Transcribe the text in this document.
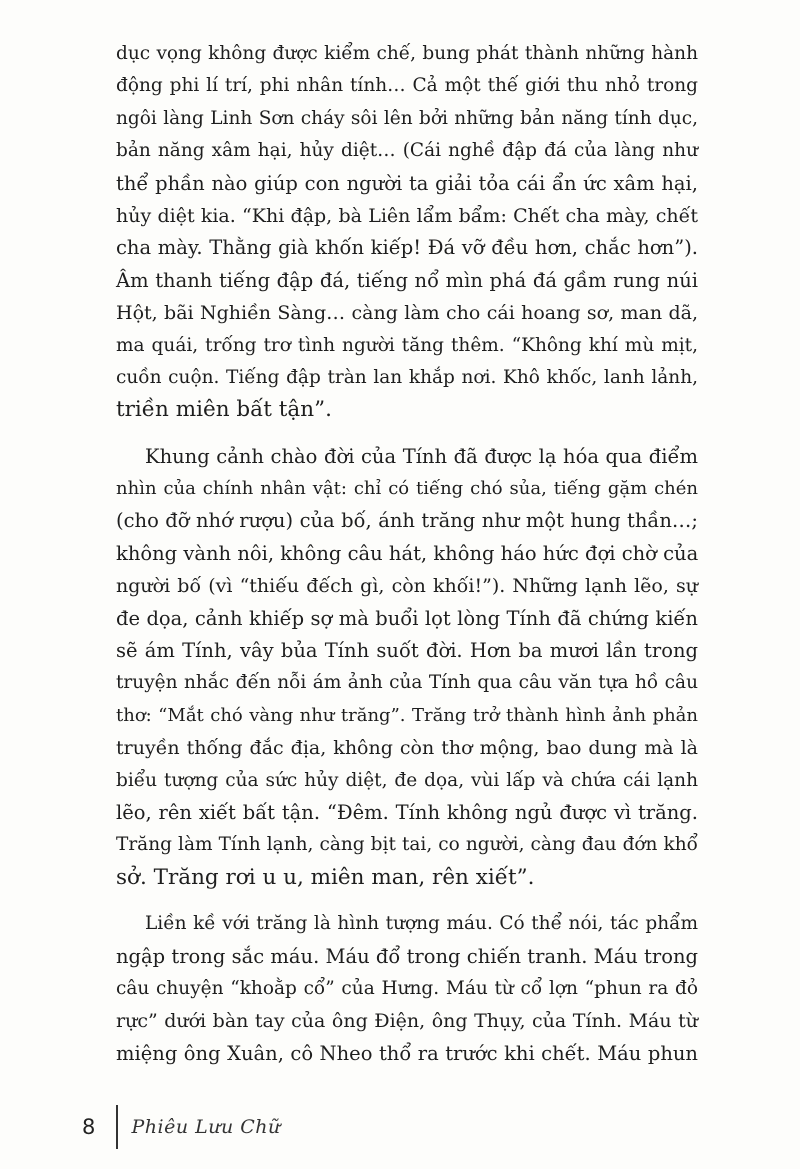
dục vọng không được kiểm chế, bung phát thành những hành
động phi lí trí, phi nhân tính… Cả một thế giới thu nhỏ trong
ngôi làng Linh Sơn cháy sôi lên bởi những bản năng tính dục,
bản năng xâm hại, hủy diệt… (Cái nghề đập đá của làng như
thể phần nào giúp con người ta giải tỏa cái ẩn ức xâm hại,
hủy diệt kia. “Khi đập, bà Liên lẩm bẩm: Chết cha mày, chết
cha mày. Thằng già khốn kiếp! Đá vỡ đều hơn, chắc hơn”).
Âm thanh tiếng đập đá, tiếng nổ mìn phá đá gầm rung núi
Hột, bãi Nghiền Sàng… càng làm cho cái hoang sơ, man dã,
ma quái, trống trơ tình người tăng thêm. “Không khí mù mịt,
cuồn cuộn. Tiếng đập tràn lan khắp nơi. Khô khốc, lanh lảnh,
triền miên bất tận”.

Khung cảnh chào đời của Tính đã được lạ hóa qua điểm
nhìn của chính nhân vật: chỉ có tiếng chó sủa, tiếng gặm chén
(cho đỡ nhớ rượu) của bố, ánh trăng như một hung thần…;
không vành nôi, không câu hát, không háo hức đợi chờ của
người bố (vì “thiếu đếch gì, còn khối!”). Những lạnh lẽo, sự
đe dọa, cảnh khiếp sợ mà buổi lọt lòng Tính đã chứng kiến
sẽ ám Tính, vây bủa Tính suốt đời. Hơn ba mươi lần trong
truyện nhắc đến nỗi ám ảnh của Tính qua câu văn tựa hồ câu
thơ: “Mắt chó vàng như trăng”. Trăng trở thành hình ảnh phản
truyền thống đắc địa, không còn thơ mộng, bao dung mà là
biểu tượng của sức hủy diệt, đe dọa, vùi lấp và chứa cái lạnh
lẽo, rên xiết bất tận. “Đêm. Tính không ngủ được vì trăng.
Trăng làm Tính lạnh, càng bịt tai, co người, càng đau đớn khổ
sở. Trăng rơi u u, miên man, rên xiết”.

Liền kề với trăng là hình tượng máu. Có thể nói, tác phẩm
ngập trong sắc máu. Máu đổ trong chiến tranh. Máu trong
câu chuyện “khoằp cổ” của Hưng. Máu từ cổ lợn “phun ra đỏ
rực” dưới bàn tay của ông Điện, ông Thụy, của Tính. Máu từ
miệng ông Xuân, cô Nheo thổ ra trước khi chết. Máu phun

8	Phiêu Lưu Chữ
